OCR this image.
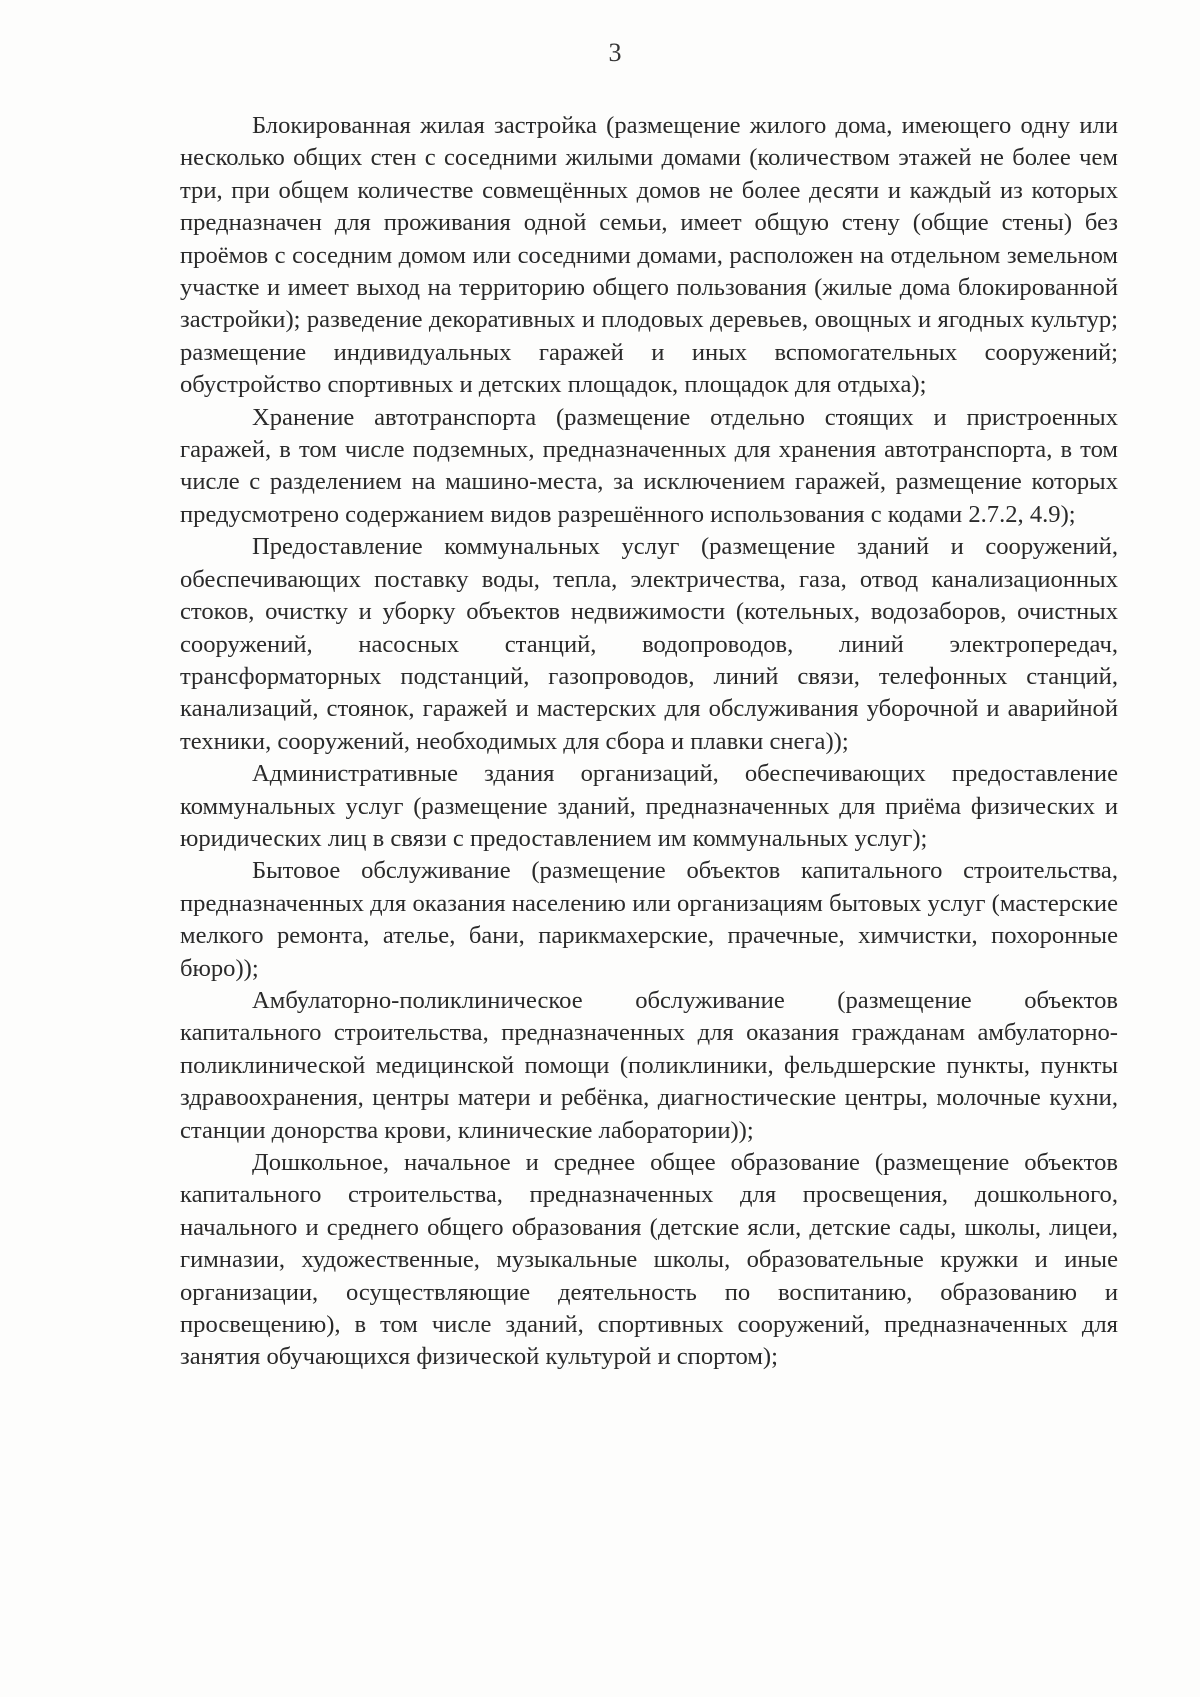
3

Блокированная жилая застройка (размещение жилого дома, имеющего одну или несколько общих стен с соседними жилыми домами (количеством этажей не более чем три, при общем количестве совмещённых домов не более десяти и каждый из которых предназначен для проживания одной семьи, имеет общую стену (общие стены) без проёмов с соседним домом или соседними домами, расположен на отдельном земельном участке и имеет выход на территорию общего пользования (жилые дома блокированной застройки); разведение декоративных и плодовых деревьев, овощных и ягодных культур; размещение индивидуальных гаражей и иных вспомогательных сооружений; обустройство спортивных и детских площадок, площадок для отдыха);

Хранение автотранспорта (размещение отдельно стоящих и пристроенных гаражей, в том числе подземных, предназначенных для хранения автотранспорта, в том числе с разделением на машино-места, за исключением гаражей, размещение которых предусмотрено содержанием видов разрешённого использования с кодами 2.7.2, 4.9);

Предоставление коммунальных услуг (размещение зданий и сооружений, обеспечивающих поставку воды, тепла, электричества, газа, отвод канализационных стоков, очистку и уборку объектов недвижимости (котельных, водозаборов, очистных сооружений, насосных станций, водопроводов, линий электропередач, трансформаторных подстанций, газопроводов, линий связи, телефонных станций, канализаций, стоянок, гаражей и мастерских для обслуживания уборочной и аварийной техники, сооружений, необходимых для сбора и плавки снега));

Административные здания организаций, обеспечивающих предоставление коммунальных услуг (размещение зданий, предназначенных для приёма физических и юридических лиц в связи с предоставлением им коммунальных услуг);

Бытовое обслуживание (размещение объектов капитального строительства, предназначенных для оказания населению или организациям бытовых услуг (мастерские мелкого ремонта, ателье, бани, парикмахерские, прачечные, химчистки, похоронные бюро));

Амбулаторно-поликлиническое обслуживание (размещение объектов капитального строительства, предназначенных для оказания гражданам амбулаторно-поликлинической медицинской помощи (поликлиники, фельдшерские пункты, пункты здравоохранения, центры матери и ребёнка, диагностические центры, молочные кухни, станции донорства крови, клинические лаборатории));

Дошкольное, начальное и среднее общее образование (размещение объектов капитального строительства, предназначенных для просвещения, дошкольного, начального и среднего общего образования (детские ясли, детские сады, школы, лицеи, гимназии, художественные, музыкальные школы, образовательные кружки и иные организации, осуществляющие деятельность по воспитанию, образованию и просвещению), в том числе зданий, спортивных сооружений, предназначенных для занятия обучающихся физической культурой и спортом);
